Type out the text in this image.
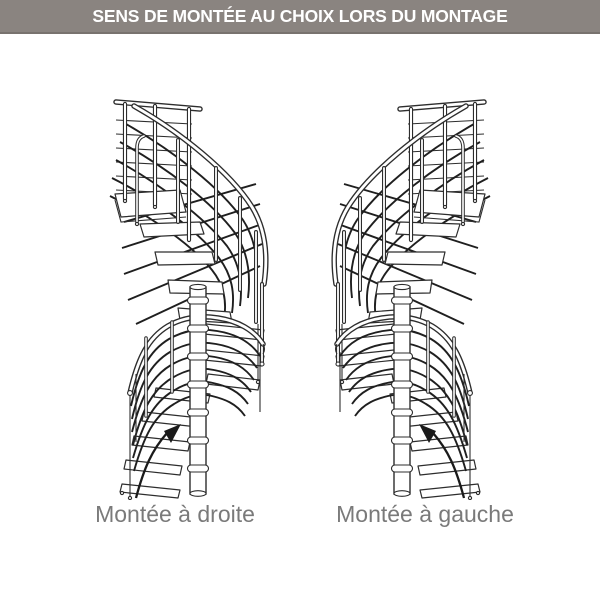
SENS DE MONTÉE AU CHOIX LORS DU MONTAGE
Montée à droite	Montée à gauche
